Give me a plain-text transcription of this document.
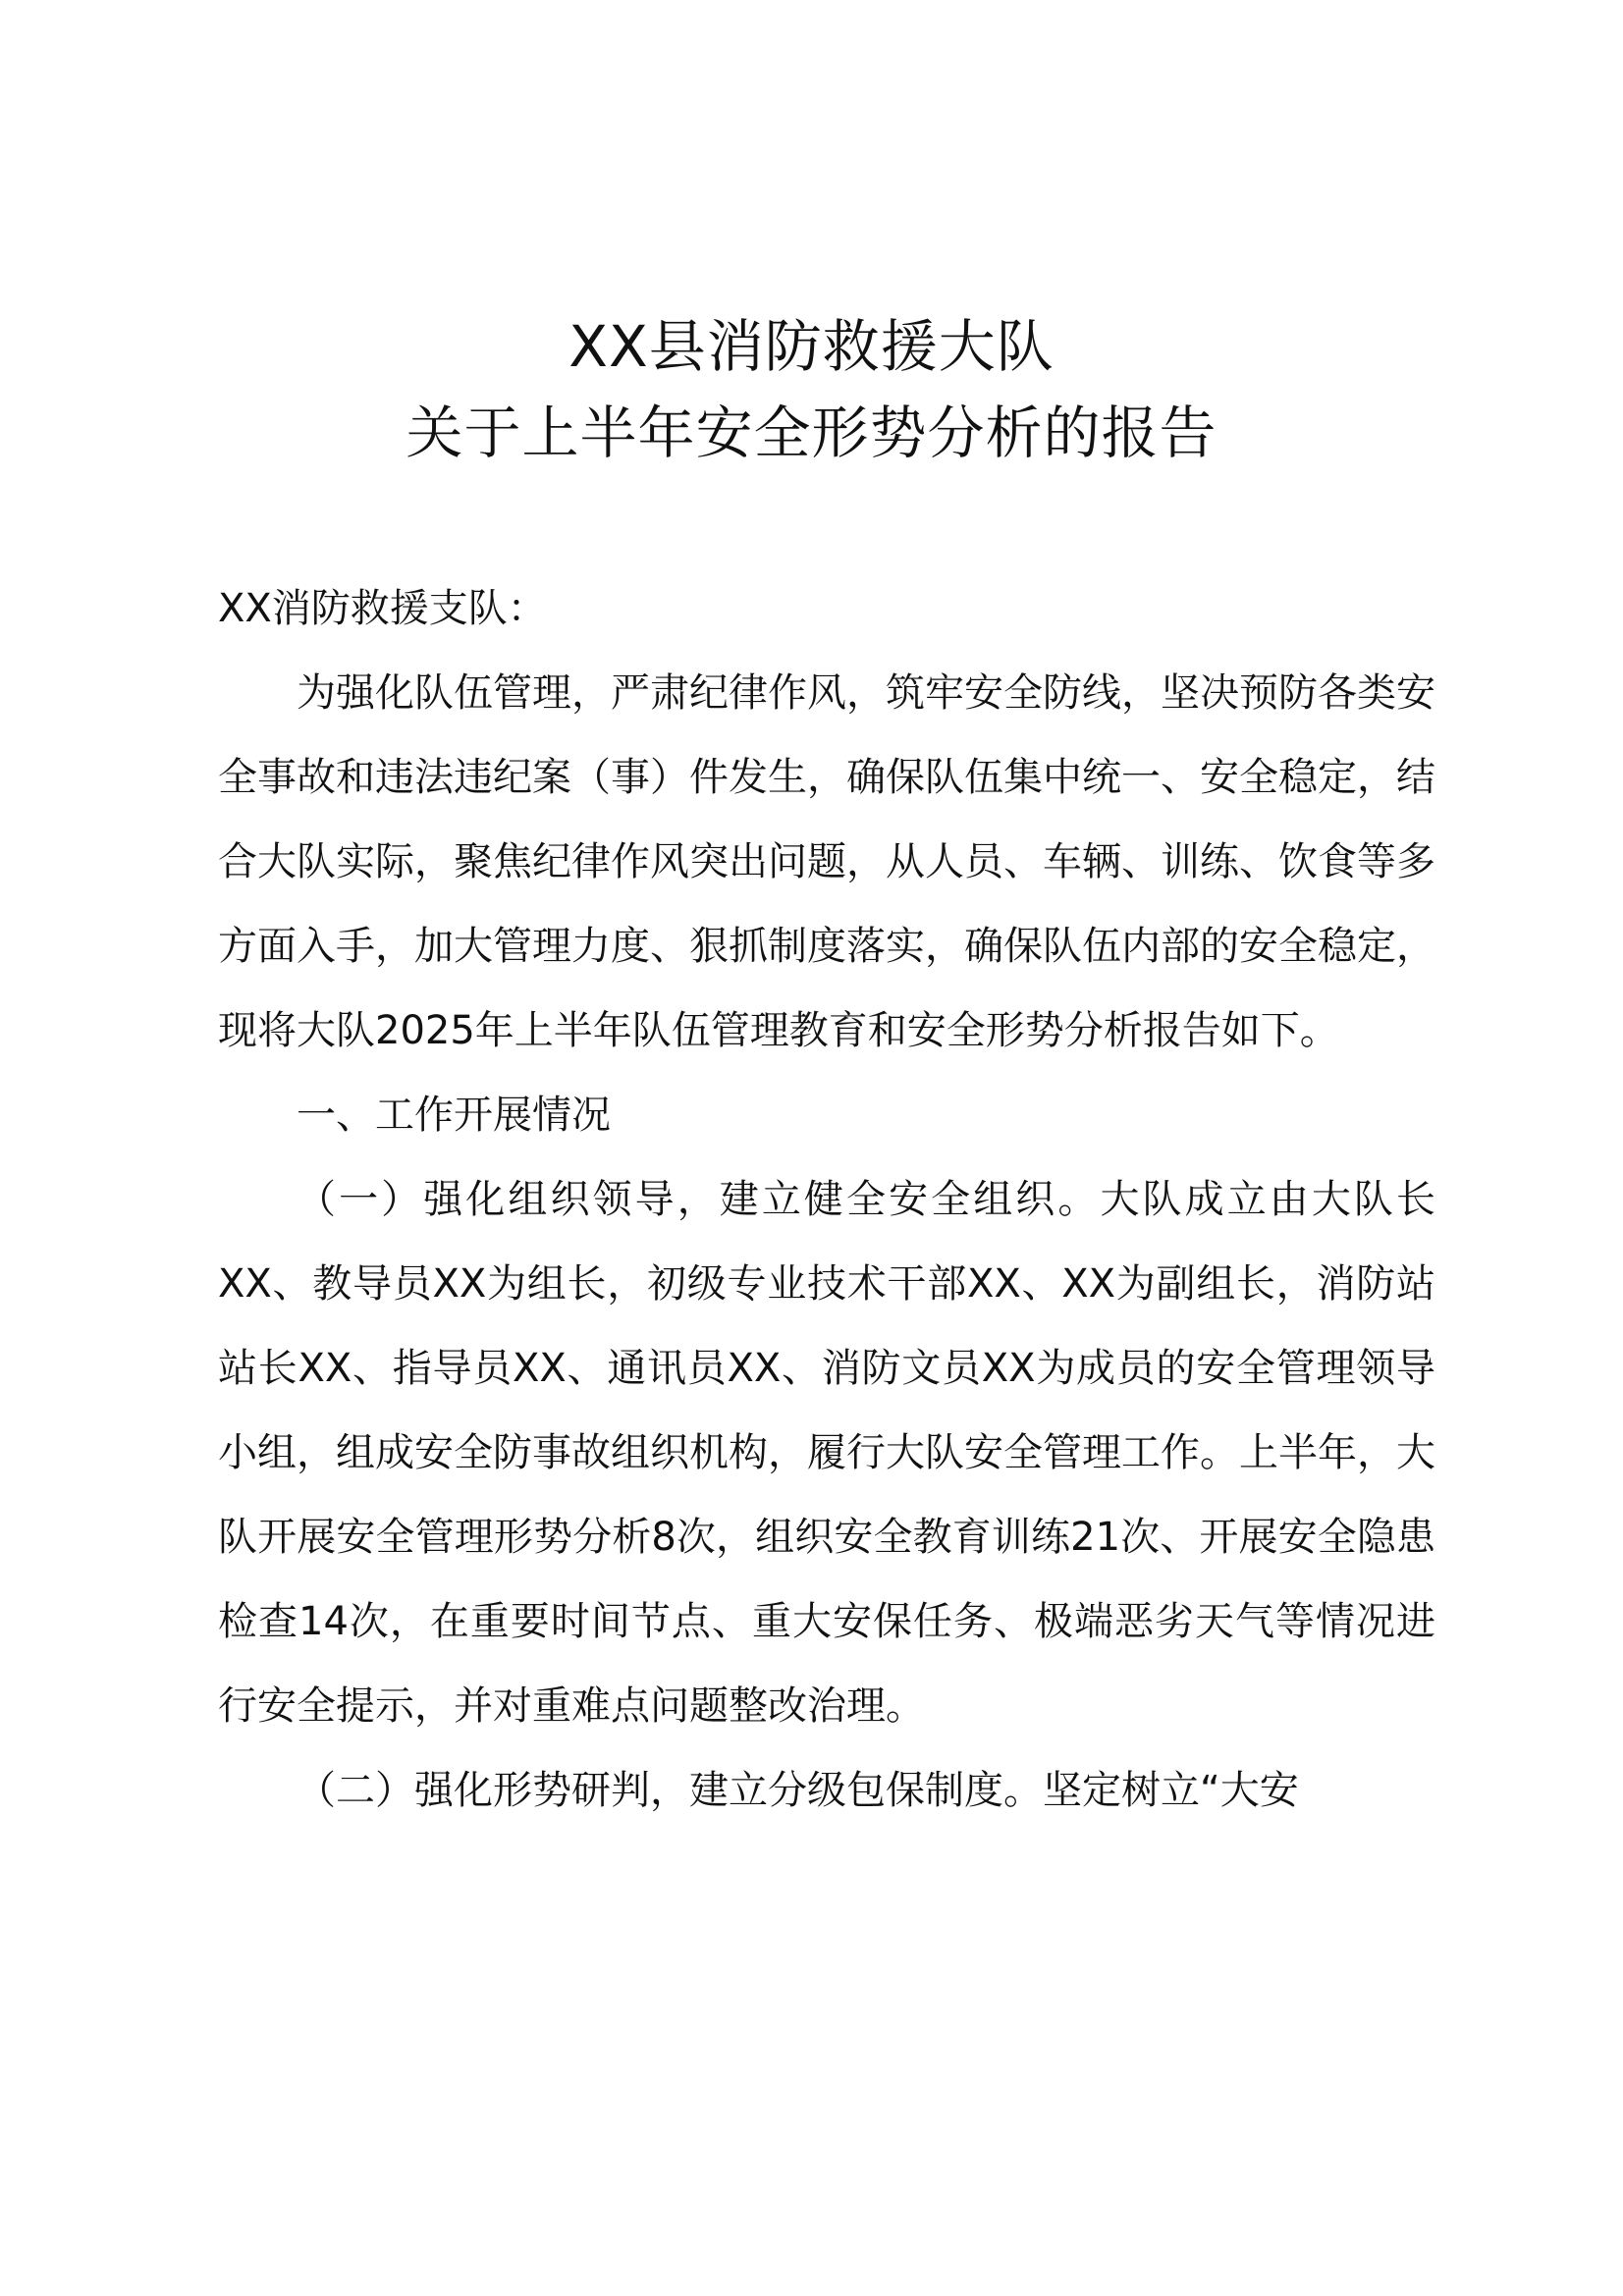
XX县消防救援大队
关于上半年安全形势分析的报告

XX消防救援支队：

为强化队伍管理，严肃纪律作风，筑牢安全防线，坚决预防各类安全事故和违法违纪案（事）件发生，确保队伍集中统一、安全稳定，结合大队实际，聚焦纪律作风突出问题，从人员、车辆、训练、饮食等多方面入手，加大管理力度、狠抓制度落实，确保队伍内部的安全稳定，现将大队2025年上半年队伍管理教育和安全形势分析报告如下。

一、工作开展情况

（一）强化组织领导，建立健全安全组织。大队成立由大队长XX、教导员XX为组长，初级专业技术干部XX、XX为副组长，消防站站长XX、指导员XX、通讯员XX、消防文员XX为成员的安全管理领导小组，组成安全防事故组织机构，履行大队安全管理工作。上半年，大队开展安全管理形势分析8次，组织安全教育训练21次、开展安全隐患检查14次，在重要时间节点、重大安保任务、极端恶劣天气等情况进行安全提示，并对重难点问题整改治理。

（二）强化形势研判，建立分级包保制度。坚定树立“大安
